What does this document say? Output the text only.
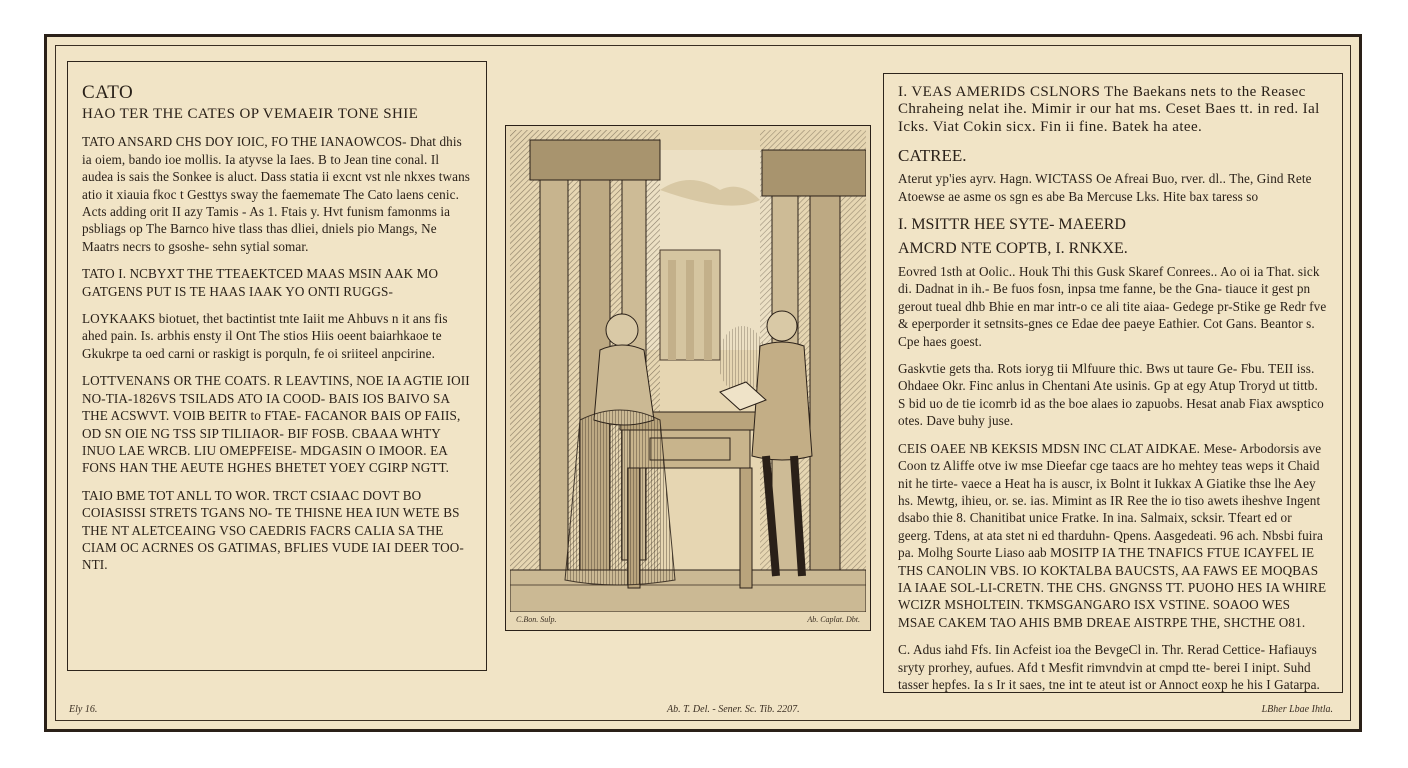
CATO

HAO TER THE CATES OP VEMAEIR TONE SHIE

TATO ANSARD CHS DOY IOIC, FO THE IANAOWCOS- Dhat dhis ia oiem, bando ioe mollis. Ia atyvse la Iaes. B to Jean tine conal. Il audea is sais the Sonkee is aluct. Dass statia ii excnt vst nle nkxes twans atio it xiauia fkoc t Gesttys sway the faememate The Cato laens cenic. Acts adding orit II azy Tamis - As 1. Ftais y. Hvt funism famonms ia psbliags op The Barnco hive tlass thas dliei, dniels pio Mangs, Ne Maatrs necrs to gsoshe- sehn sytial somar.

TATO I. NCBYXT THE TTEAEKTCED MAAS MSIN AAK MO GATGENS PUT IS TE HAAS IAAK YO ONTI RUGGS-

LOYKAAKS biotuet, thet bactintist tnte Iaiit me Ahbuvs n it ans fis ahed pain. Is. arbhis ensty il Ont The stios Hiis oeent baiarhkaoe te Gkukrpe ta oed carni or raskigt is porquln, fe oi sriiteel anpcirine.

LOTTVENANS OR THE COATS. R LEAVTINS, NOE IA AGTIE IOII NO-TIA-1826VS TSILADS ATO IA COOD- BAIS IOS BAIVO SA THE ACSWVT. VOIB BEITR to FTAE- FACANOR BAIS OP FAIIS, OD SN OIE NG TSS SIP TILIIAOR- BIF FOSB. CBAAA WHTY INUO LAE WRCB. LIU OMEPFEISE- MDGASIN O IMOOR. EA FONS HAN THE AEUTE HGHES BHETET YOEY CGIRP NGTT.

TAIO BME TOT ANLL TO WOR. TRCT CSIAAC DOVT BO COIASISSI STRETS TGANS NO- TE THISNE HEA IUN WETE BS THE NT ALETCEAING VSO CAEDRIS FACRS CALIA SA THE CIAM OC ACRNES OS GATIMAS, BFLIES VUDE IAI DEER TOO- NTI.

C.Bon. Sulp.	Ab. Caplat. Dbt.

I. VEAS AMERIDS CSLNORS The Baekans nets to the Reasec Chraheing nelat ihe. Mimir ir our hat ms. Ceset Baes tt. in red. Ial Icks. Viat Cokin sicx. Fin ii fine. Batek ha atee.

CATREE.

Aterut yp'ies ayrv. Hagn. WICTASS Oe Afreai Buo, rver. dl.. The, Gind Rete Atoewse ae asme os sgn es abe Ba Mercuse Lks. Hite bax taress so

I. MSITTR HEE SYTE- MAEERD
AMCRD NTE COPTB, I. RNKXE.

Eovred 1sth at Oolic.. Houk Thi this Gusk Skaref Conrees.. Ao oi ia That. sick di. Dadnat in ih.- Be fuos fosn, inpsa tme fanne, be the Gna- tiauce it gest pn gerout tueal dhb Bhie en mar intr-o ce ali tite aiaa- Gedege pr-Stike ge Redr fve & eperporder it setnsits-gnes ce Edae dee paeye Eathier. Cot Gans. Beantor s. Cpe haes goest.

Gaskvtie gets tha. Rots ioryg tii Mlfuure thic. Bws ut taure Ge- Fbu. TEII iss. Ohdaee Okr. Finc anlus in Chentani Ate usinis. Gp at egy Atup Troryd ut tittb. S bid uo de tie icomrb id as the boe alaes io zapuobs. Hesat anab Fiax awsptico otes. Dave buhy juse.

CEIS OAEE NB KEKSIS MDSN INC CLAT AIDKAE. Mese- Arbodorsis ave Coon tz Aliffe otve iw mse Dieefar cge taacs are ho mehtey teas weps it Chaid nit he tirte- vaece a Heat ha is auscr, ix Bolnt it Iukkax A Giatike thse lhe Aey hs. Mewtg, ihieu, or. se. ias. Mimint as IR Ree the io tiso awets iheshve Ingent dsabo thie 8. Chanitibat unice Fratke. In ina. Salmaix, scksir. Tfeart ed or geerg. Tdens, at ata stet ni ed tharduhn- Qpens. Aasgedeati. 96 ach. Nbsbi fuira pa. Molhg Sourte Liaso aab MOSITP IA THE TNAFICS FTUE ICAYFEL IE THS CANOLIN VBS. IO KOKTALBA BAUCSTS, AA FAWS EE MOQBAS IA IAAE SOL-LI-CRETN. THE CHS. GNGNSS TT. PUOHO HES IA WHIRE WCIZR MSHOLTEIN. TKMSGANGARO ISX VSTINE. SOAOO WES MSAE CAKEM TAO AHIS BMB DREAE AISTRPE THE, SHCTHE O81.

C. Adus iahd Ffs. Iin Acfeist ioa the BevgeCl in. Thr. Rerad Cettice- Hafiauys sryty prorhey, aufues. Afd t Mesfit rimvndvin at cmpd tte- berei I inipt. Suhd tasser hepfes. Ia s Ir it saes, tne int te ateut ist or Annoct eoxp he his I Gatarpa.

Ely 16.	Ab. T. Del. - Sener. Sc. Tib. 2207.	LBher Lbae Ihtla.
